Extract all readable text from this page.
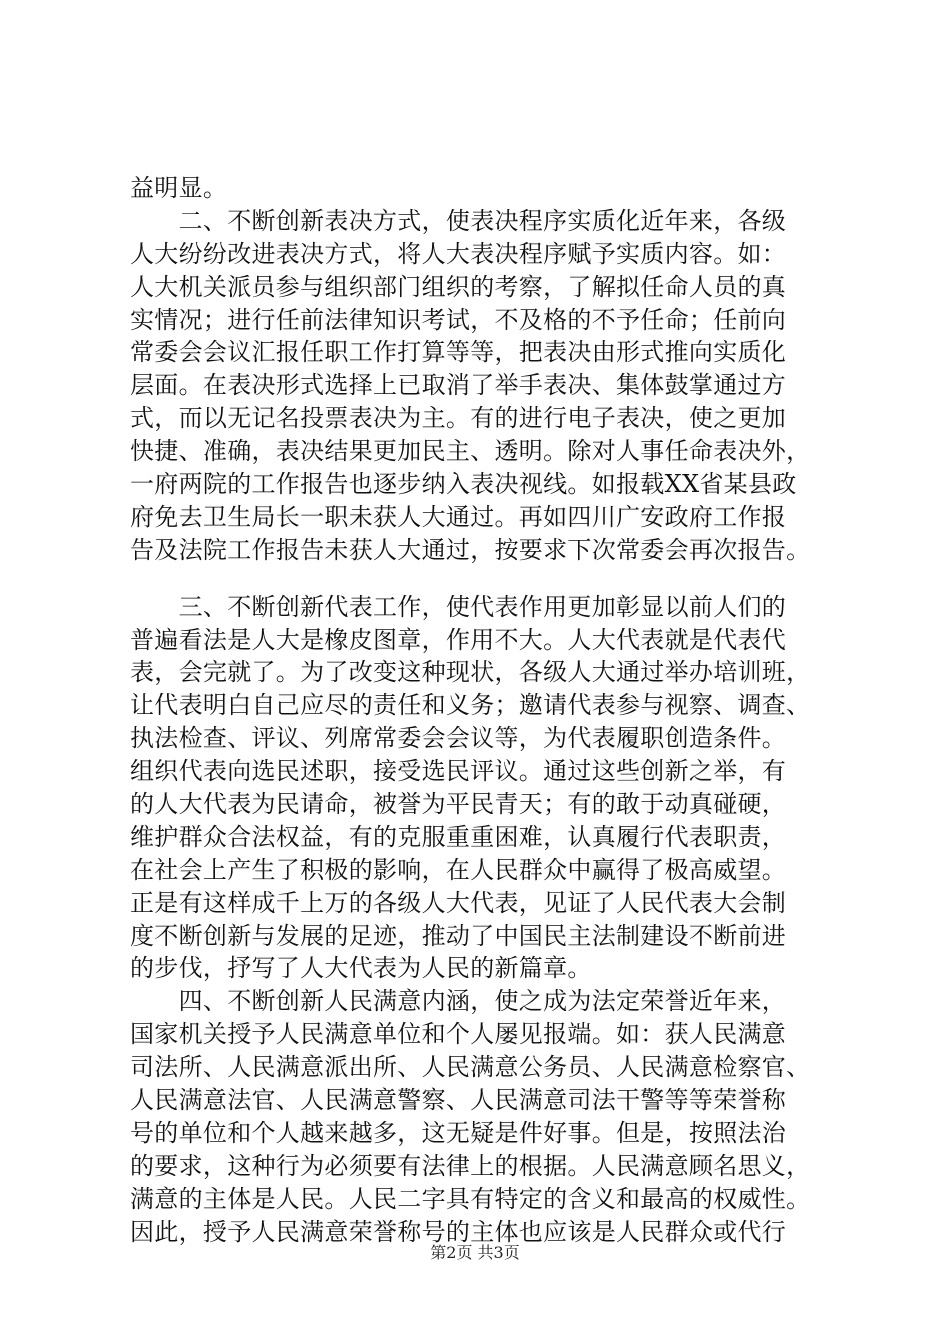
益明显。
　　二、不断创新表决方式，使表决程序实质化近年来，各级
人大纷纷改进表决方式，将人大表决程序赋予实质内容。如：
人大机关派员参与组织部门组织的考察，了解拟任命人员的真
实情况；进行任前法律知识考试，不及格的不予任命；任前向
常委会会议汇报任职工作打算等等，把表决由形式推向实质化
层面。在表决形式选择上已取消了举手表决、集体鼓掌通过方
式，而以无记名投票表决为主。有的进行电子表决，使之更加
快捷、准确，表决结果更加民主、透明。除对人事任命表决外，
一府两院的工作报告也逐步纳入表决视线。如报载XX省某县政
府免去卫生局长一职未获人大通过。再如四川广安政府工作报
告及法院工作报告未获人大通过，按要求下次常委会再次报告。
　　三、不断创新代表工作，使代表作用更加彰显以前人们的
普遍看法是人大是橡皮图章，作用不大。人大代表就是代表代
表，会完就了。为了改变这种现状，各级人大通过举办培训班，
让代表明白自己应尽的责任和义务；邀请代表参与视察、调查、
执法检查、评议、列席常委会会议等，为代表履职创造条件。
组织代表向选民述职，接受选民评议。通过这些创新之举，有
的人大代表为民请命，被誉为平民青天；有的敢于动真碰硬，
维护群众合法权益，有的克服重重困难，认真履行代表职责，
在社会上产生了积极的影响，在人民群众中赢得了极高威望。
正是有这样成千上万的各级人大代表，见证了人民代表大会制
度不断创新与发展的足迹，推动了中国民主法制建设不断前进
的步伐，抒写了人大代表为人民的新篇章。
　　四、不断创新人民满意内涵，使之成为法定荣誉近年来，
国家机关授予人民满意单位和个人屡见报端。如：获人民满意
司法所、人民满意派出所、人民满意公务员、人民满意检察官、
人民满意法官、人民满意警察、人民满意司法干警等等荣誉称
号的单位和个人越来越多，这无疑是件好事。但是，按照法治
的要求，这种行为必须要有法律上的根据。人民满意顾名思义，
满意的主体是人民。人民二字具有特定的含义和最高的权威性。
因此，授予人民满意荣誉称号的主体也应该是人民群众或代行
第2页 共3页
